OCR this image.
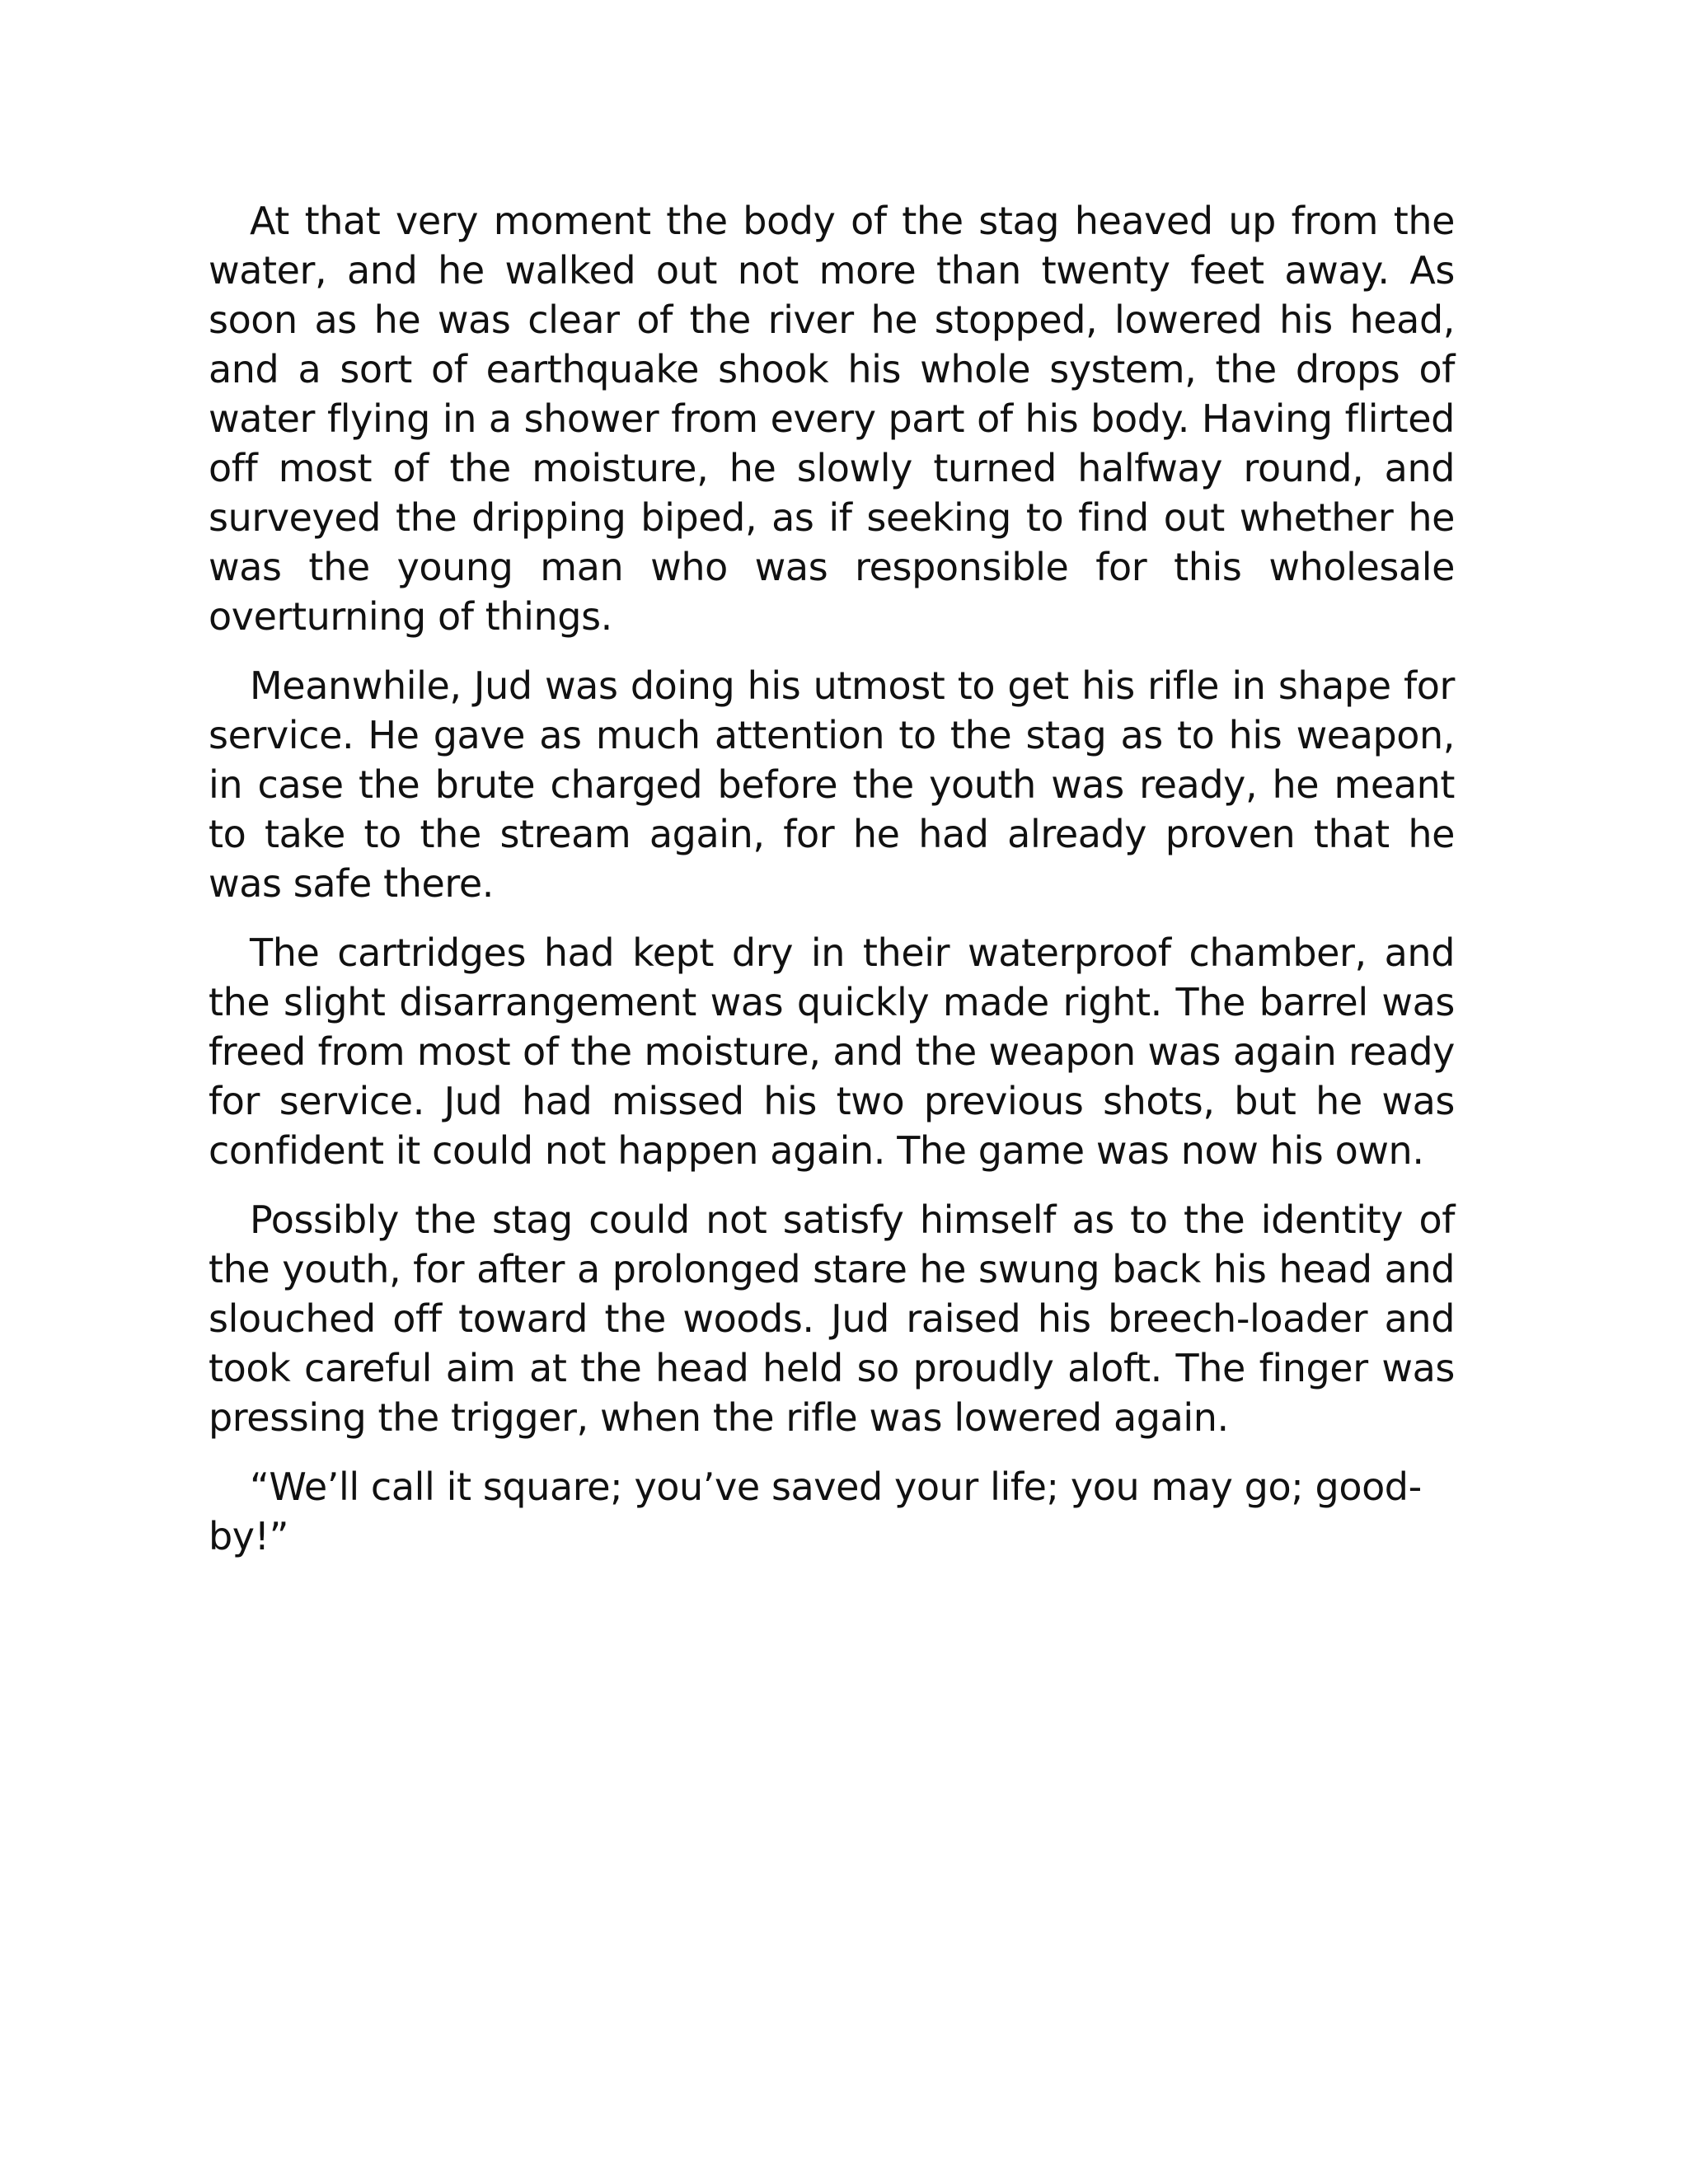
At that very moment the body of the stag heaved up from the water, and he walked out not more than twenty feet away. As soon as he was clear of the river he stopped, lowered his head, and a sort of earthquake shook his whole system, the drops of water flying in a shower from every part of his body. Having flirted off most of the moisture, he slowly turned halfway round, and surveyed the dripping biped, as if seeking to find out whether he was the young man who was responsible for this wholesale overturning of things.

Meanwhile, Jud was doing his utmost to get his rifle in shape for service. He gave as much attention to the stag as to his weapon, in case the brute charged before the youth was ready, he meant to take to the stream again, for he had already proven that he was safe there.

The cartridges had kept dry in their waterproof chamber, and the slight disarrangement was quickly made right. The barrel was freed from most of the moisture, and the weapon was again ready for service. Jud had missed his two previous shots, but he was confident it could not happen again. The game was now his own.

Possibly the stag could not satisfy himself as to the identity of the youth, for after a prolonged stare he swung back his head and slouched off toward the woods. Jud raised his breech-loader and took careful aim at the head held so proudly aloft. The finger was pressing the trigger, when the rifle was lowered again.

“We’ll call it square; you’ve saved your life; you may go; good-by!”
